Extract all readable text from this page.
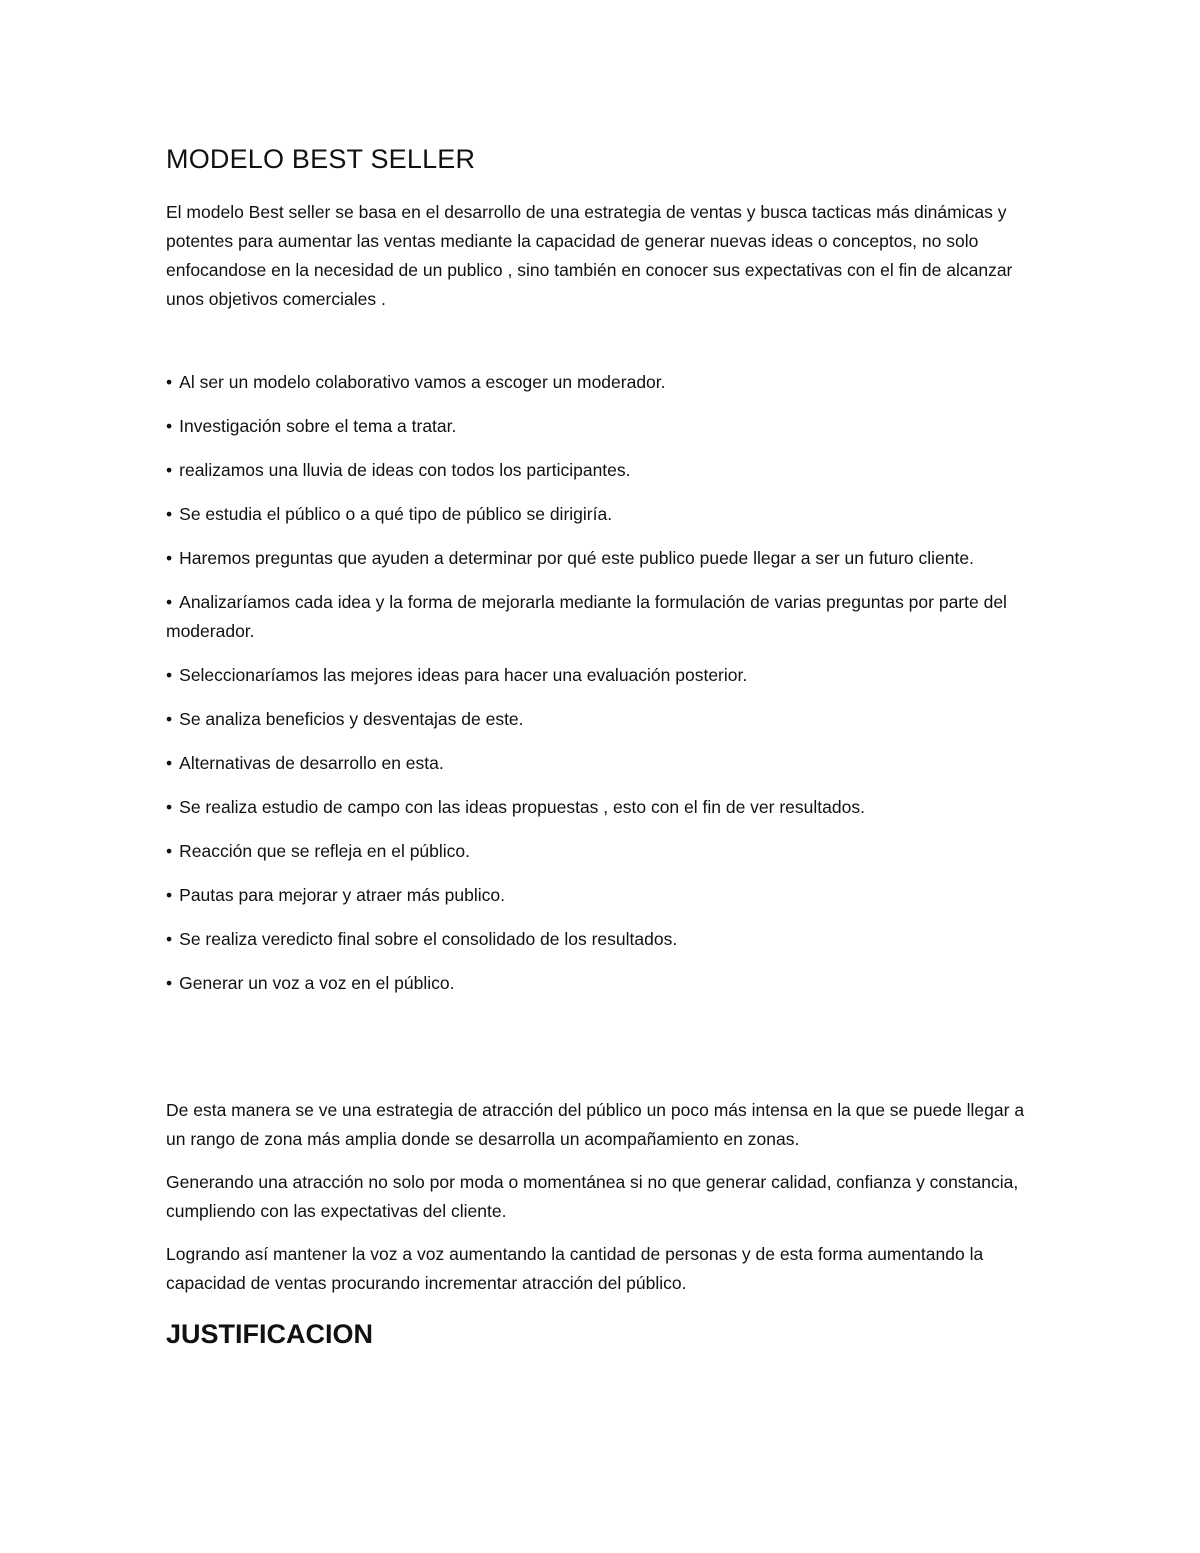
MODELO BEST SELLER

El modelo Best seller se basa en el desarrollo de una estrategia de ventas y busca tacticas más dinámicas y potentes para aumentar las ventas mediante la capacidad de generar nuevas ideas o conceptos, no solo enfocandose en la necesidad de un publico , sino también en conocer sus expectativas con el fin de alcanzar unos objetivos comerciales .

• Al ser un modelo colaborativo vamos a escoger un moderador.
• Investigación sobre el tema a tratar.
• realizamos una lluvia de ideas con todos los participantes.
• Se estudia el público o a qué tipo de público se dirigiría.
• Haremos preguntas que ayuden a determinar por qué este publico puede llegar a ser un futuro cliente.
• Analizaríamos cada idea y la forma de mejorarla mediante la formulación de varias preguntas por parte del moderador.
• Seleccionaríamos las mejores ideas para hacer una evaluación posterior.
• Se analiza beneficios y desventajas de este.
• Alternativas de desarrollo en esta.
• Se realiza estudio de campo con las ideas propuestas , esto con el fin de ver resultados.
• Reacción que se refleja en el público.
• Pautas para mejorar y atraer más publico.
• Se realiza veredicto final sobre el consolidado de los resultados.
• Generar un voz a voz en el público.

De esta manera se ve una estrategia de atracción del público un poco más intensa en la que se puede llegar a un rango de zona más amplia donde se desarrolla un acompañamiento en zonas.

Generando una atracción no solo por moda o momentánea si no que generar calidad, confianza y constancia, cumpliendo con las expectativas del cliente.

Logrando así mantener la voz a voz aumentando la cantidad de personas y de esta forma aumentando la capacidad de ventas procurando incrementar atracción del público.

JUSTIFICACION
